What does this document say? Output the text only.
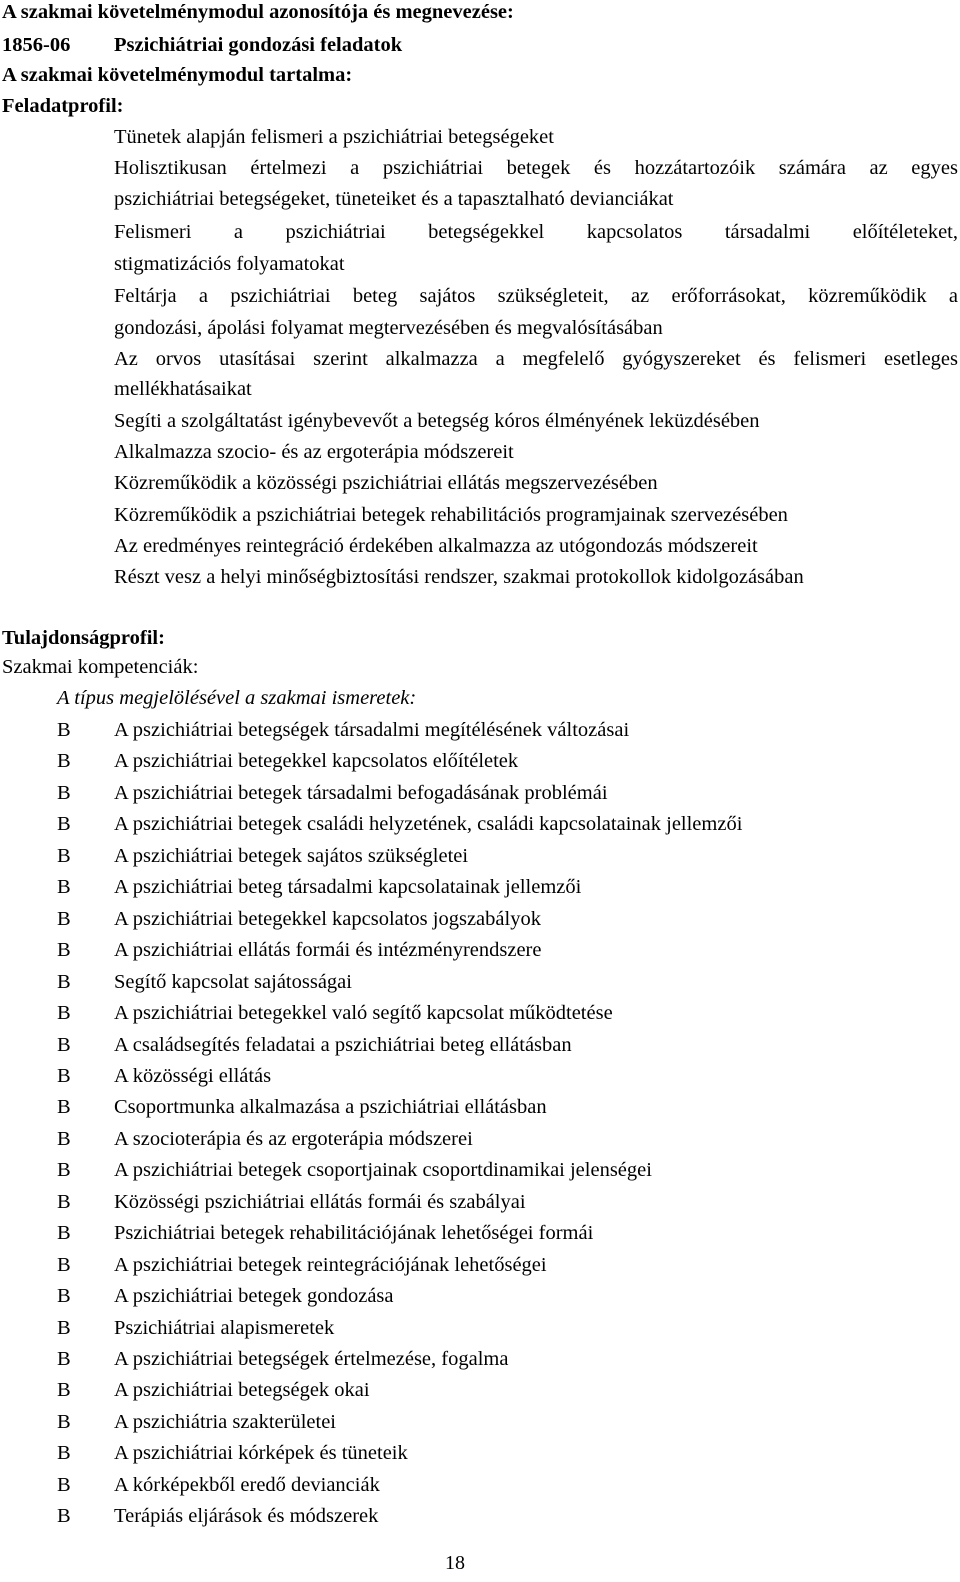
A szakmai követelménymodul azonosítója és megnevezése:
1856-06 Pszichiátriai gondozási feladatok
A szakmai követelménymodul tartalma:
Feladatprofil:
Tünetek alapján felismeri a pszichiátriai betegségeket
Holisztikusan értelmezi a pszichiátriai betegek és hozzátartozóik számára az egyes
pszichiátriai betegségeket, tüneteiket és a tapasztalható devianciákat
Felismeri a pszichiátriai betegségekkel kapcsolatos társadalmi előítéleteket,
stigmatizációs folyamatokat
Feltárja a pszichiátriai beteg sajátos szükségleteit, az erőforrásokat, közreműködik a
gondozási, ápolási folyamat megtervezésében és megvalósításában
Az orvos utasításai szerint alkalmazza a megfelelő gyógyszereket és felismeri esetleges
mellékhatásaikat
Segíti a szolgáltatást igénybevevőt a betegség kóros élményének leküzdésében
Alkalmazza szocio- és az ergoterápia módszereit
Közreműködik a közösségi pszichiátriai ellátás megszervezésében
Közreműködik a pszichiátriai betegek rehabilitációs programjainak szervezésében
Az eredményes reintegráció érdekében alkalmazza az utógondozás módszereit
Részt vesz a helyi minőségbiztosítási rendszer, szakmai protokollok kidolgozásában
Tulajdonságprofil:
Szakmai kompetenciák:
A típus megjelölésével a szakmai ismeretek:
B	A pszichiátriai betegségek társadalmi megítélésének változásai
B	A pszichiátriai betegekkel kapcsolatos előítéletek
B	A pszichiátriai betegek társadalmi befogadásának problémái
B	A pszichiátriai betegek családi helyzetének, családi kapcsolatainak jellemzői
B	A pszichiátriai betegek sajátos szükségletei
B	A pszichiátriai beteg társadalmi kapcsolatainak jellemzői
B	A pszichiátriai betegekkel kapcsolatos jogszabályok
B	A pszichiátriai ellátás formái és intézményrendszere
B	Segítő kapcsolat sajátosságai
B	A pszichiátriai betegekkel való segítő kapcsolat működtetése
B	A családsegítés feladatai a pszichiátriai beteg ellátásban
B	A közösségi ellátás
B	Csoportmunka alkalmazása a pszichiátriai ellátásban
B	A szocioterápia és az ergoterápia módszerei
B	A pszichiátriai betegek csoportjainak csoportdinamikai jelenségei
B	Közösségi pszichiátriai ellátás formái és szabályai
B	Pszichiátriai betegek rehabilitációjának lehetőségei formái
B	A pszichiátriai betegek reintegrációjának lehetőségei
B	A pszichiátriai betegek gondozása
B	Pszichiátriai alapismeretek
B	A pszichiátriai betegségek értelmezése, fogalma
B	A pszichiátriai betegségek okai
B	A pszichiátria szakterületei
B	A pszichiátriai kórképek és tüneteik
B	A kórképekből eredő devianciák
B	Terápiás eljárások és módszerek
18
